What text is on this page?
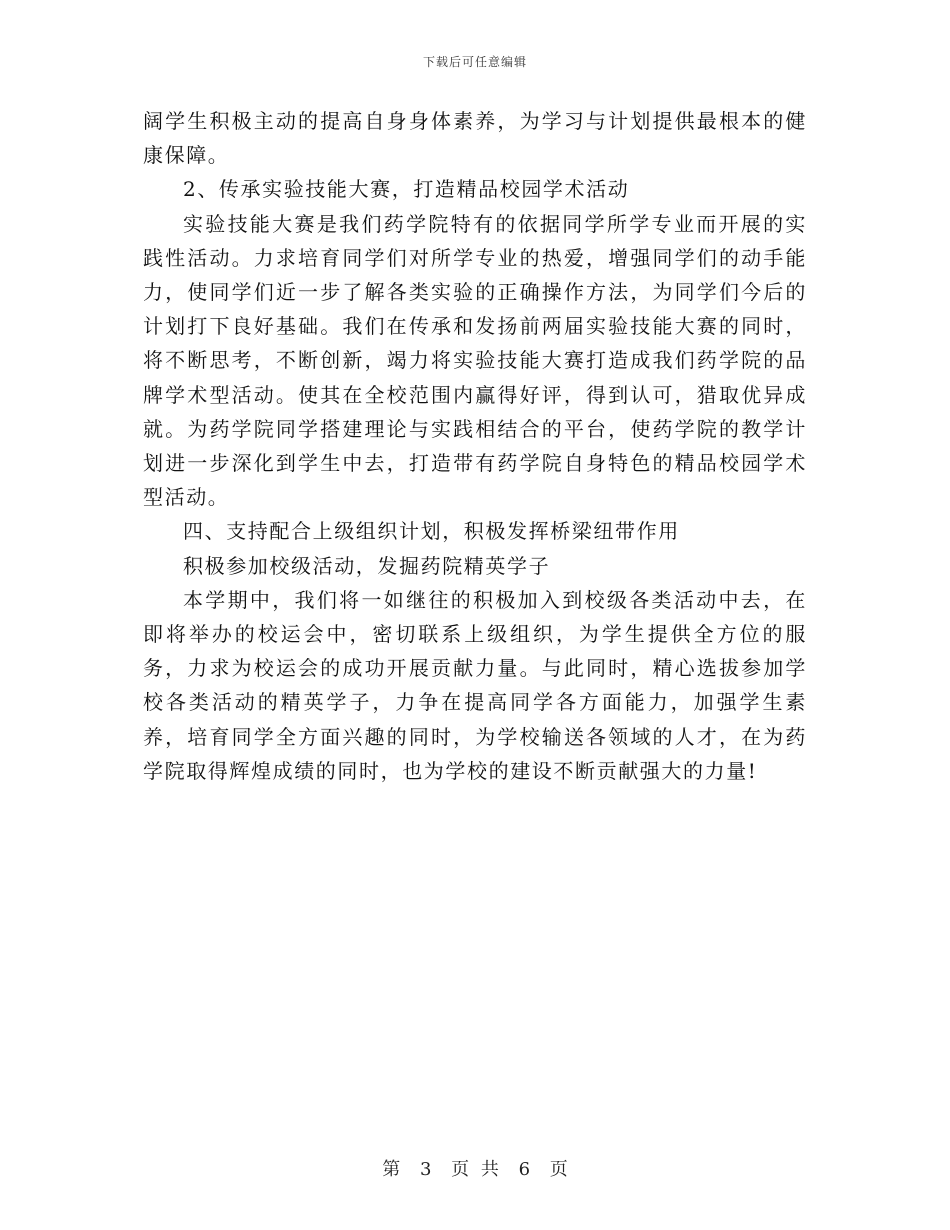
下载后可任意编辑

阔学生积极主动的提高自身身体素养，为学习与计划提供最根本的健康保障。

2、传承实验技能大赛，打造精品校园学术活动

实验技能大赛是我们药学院特有的依据同学所学专业而开展的实践性活动。力求培育同学们对所学专业的热爱，增强同学们的动手能力，使同学们近一步了解各类实验的正确操作方法，为同学们今后的计划打下良好基础。我们在传承和发扬前两届实验技能大赛的同时，将不断思考，不断创新，竭力将实验技能大赛打造成我们药学院的品牌学术型活动。使其在全校范围内赢得好评，得到认可，猎取优异成就。为药学院同学搭建理论与实践相结合的平台，使药学院的教学计划进一步深化到学生中去，打造带有药学院自身特色的精品校园学术型活动。

四、支持配合上级组织计划，积极发挥桥梁纽带作用

积极参加校级活动，发掘药院精英学子

本学期中，我们将一如继往的积极加入到校级各类活动中去，在即将举办的校运会中，密切联系上级组织，为学生提供全方位的服务，力求为校运会的成功开展贡献力量。与此同时，精心选拔参加学校各类活动的精英学子，力争在提高同学各方面能力，加强学生素养，培育同学全方面兴趣的同时，为学校输送各领域的人才，在为药学院取得辉煌成绩的同时，也为学校的建设不断贡献强大的力量!

第 3 页 共 6 页
